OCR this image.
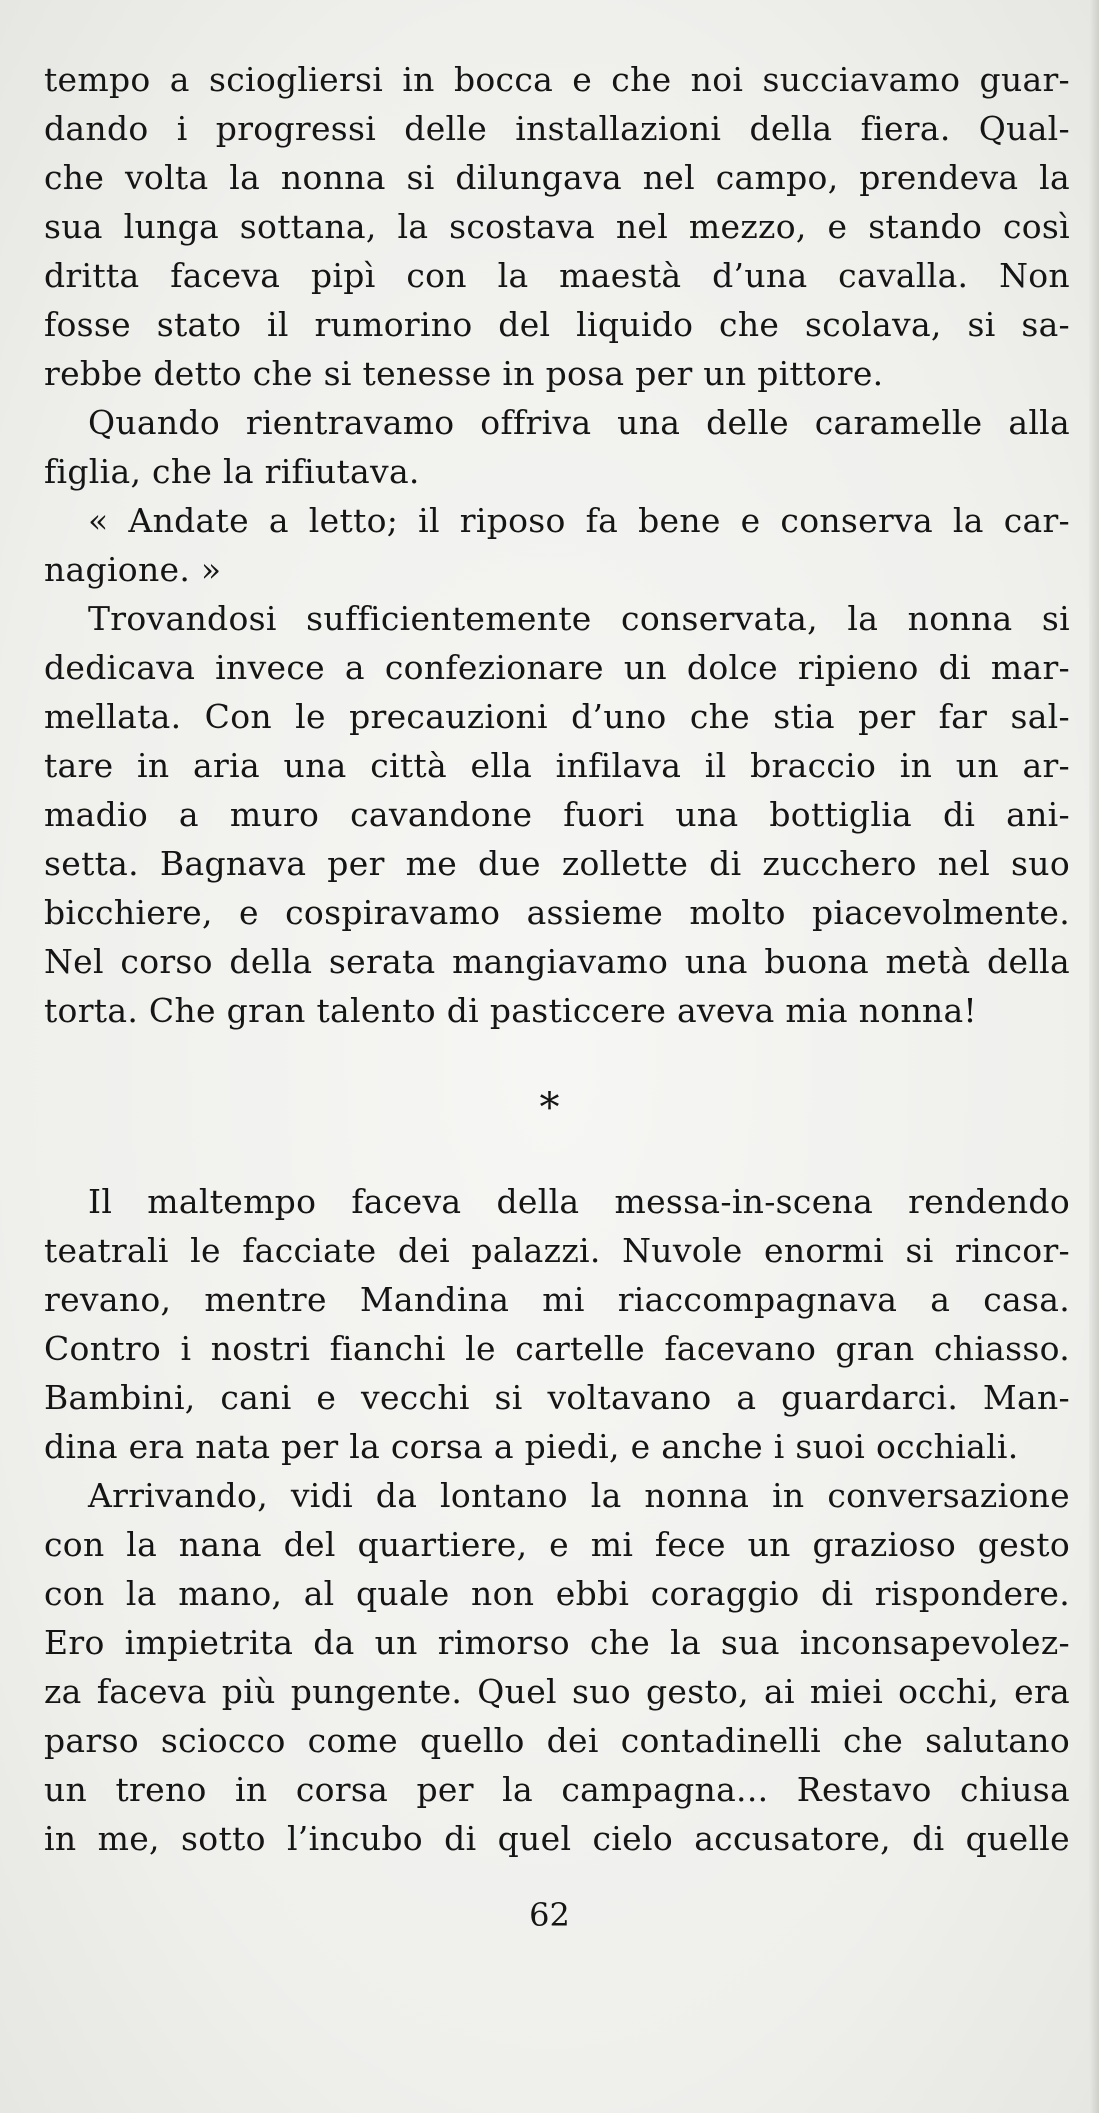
tempo a sciogliersi in bocca e che noi succiavamo guar-
dando i progressi delle installazioni della fiera. Qual-
che volta la nonna si dilungava nel campo, prendeva la
sua lunga sottana, la scostava nel mezzo, e stando così
dritta faceva pipì con la maestà d’una cavalla. Non
fosse stato il rumorino del liquido che scolava, si sa-
rebbe detto che si tenesse in posa per un pittore.
Quando rientravamo offriva una delle caramelle alla
figlia, che la rifiutava.
« Andate a letto; il riposo fa bene e conserva la car-
nagione. »
Trovandosi sufficientemente conservata, la nonna si
dedicava invece a confezionare un dolce ripieno di mar-
mellata. Con le precauzioni d’uno che stia per far sal-
tare in aria una città ella infilava il braccio in un ar-
madio a muro cavandone fuori una bottiglia di ani-
setta. Bagnava per me due zollette di zucchero nel suo
bicchiere, e cospiravamo assieme molto piacevolmente.
Nel corso della serata mangiavamo una buona metà della
torta. Che gran talento di pasticcere aveva mia nonna!
*
Il maltempo faceva della messa-in-scena rendendo
teatrali le facciate dei palazzi. Nuvole enormi si rincor-
revano, mentre Mandina mi riaccompagnava a casa.
Contro i nostri fianchi le cartelle facevano gran chiasso.
Bambini, cani e vecchi si voltavano a guardarci. Man-
dina era nata per la corsa a piedi, e anche i suoi occhiali.
Arrivando, vidi da lontano la nonna in conversazione
con la nana del quartiere, e mi fece un grazioso gesto
con la mano, al quale non ebbi coraggio di rispondere.
Ero impietrita da un rimorso che la sua inconsapevolez-
za faceva più pungente. Quel suo gesto, ai miei occhi, era
parso sciocco come quello dei contadinelli che salutano
un treno in corsa per la campagna... Restavo chiusa
in me, sotto l’incubo di quel cielo accusatore, di quelle
62
